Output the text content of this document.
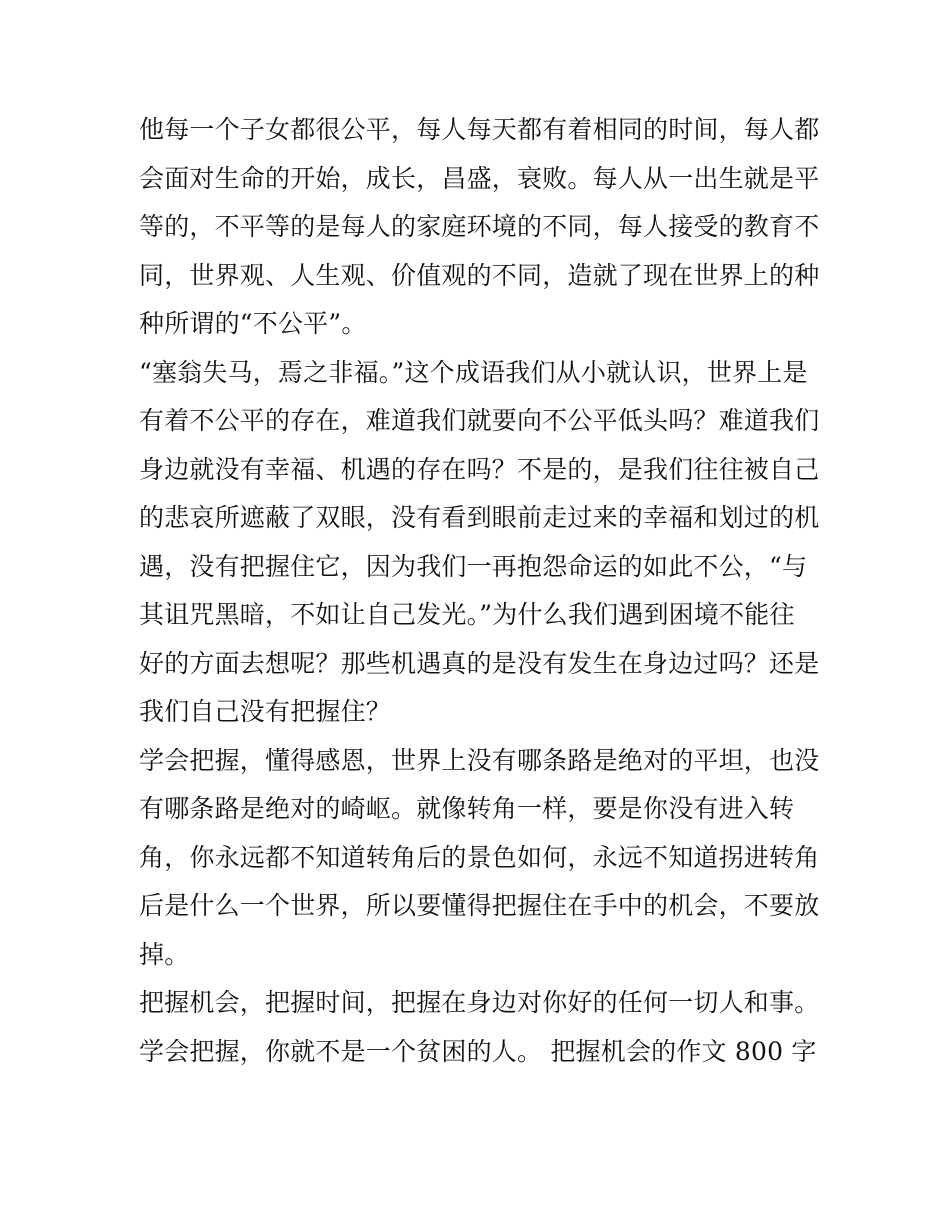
他每一个子女都很公平，每人每天都有着相同的时间，每人都
会面对生命的开始，成长，昌盛，衰败。每人从一出生就是平
等的，不平等的是每人的家庭环境的不同，每人接受的教育不
同，世界观、人生观、价值观的不同，造就了现在世界上的种
种所谓的“不公平”。
“塞翁失马，焉之非福。”这个成语我们从小就认识，世界上是
有着不公平的存在，难道我们就要向不公平低头吗？难道我们
身边就没有幸福、机遇的存在吗？不是的，是我们往往被自己
的悲哀所遮蔽了双眼，没有看到眼前走过来的幸福和划过的机
遇，没有把握住它，因为我们一再抱怨命运的如此不公，“与
其诅咒黑暗，不如让自己发光。”为什么我们遇到困境不能往
好的方面去想呢？那些机遇真的是没有发生在身边过吗？还是
我们自己没有把握住？
学会把握，懂得感恩，世界上没有哪条路是绝对的平坦，也没
有哪条路是绝对的崎岖。就像转角一样，要是你没有进入转
角，你永远都不知道转角后的景色如何，永远不知道拐进转角
后是什么一个世界，所以要懂得把握住在手中的机会，不要放
掉。
把握机会，把握时间，把握在身边对你好的任何一切人和事。
学会把握，你就不是一个贫困的人。 把握机会的作文 800 字
